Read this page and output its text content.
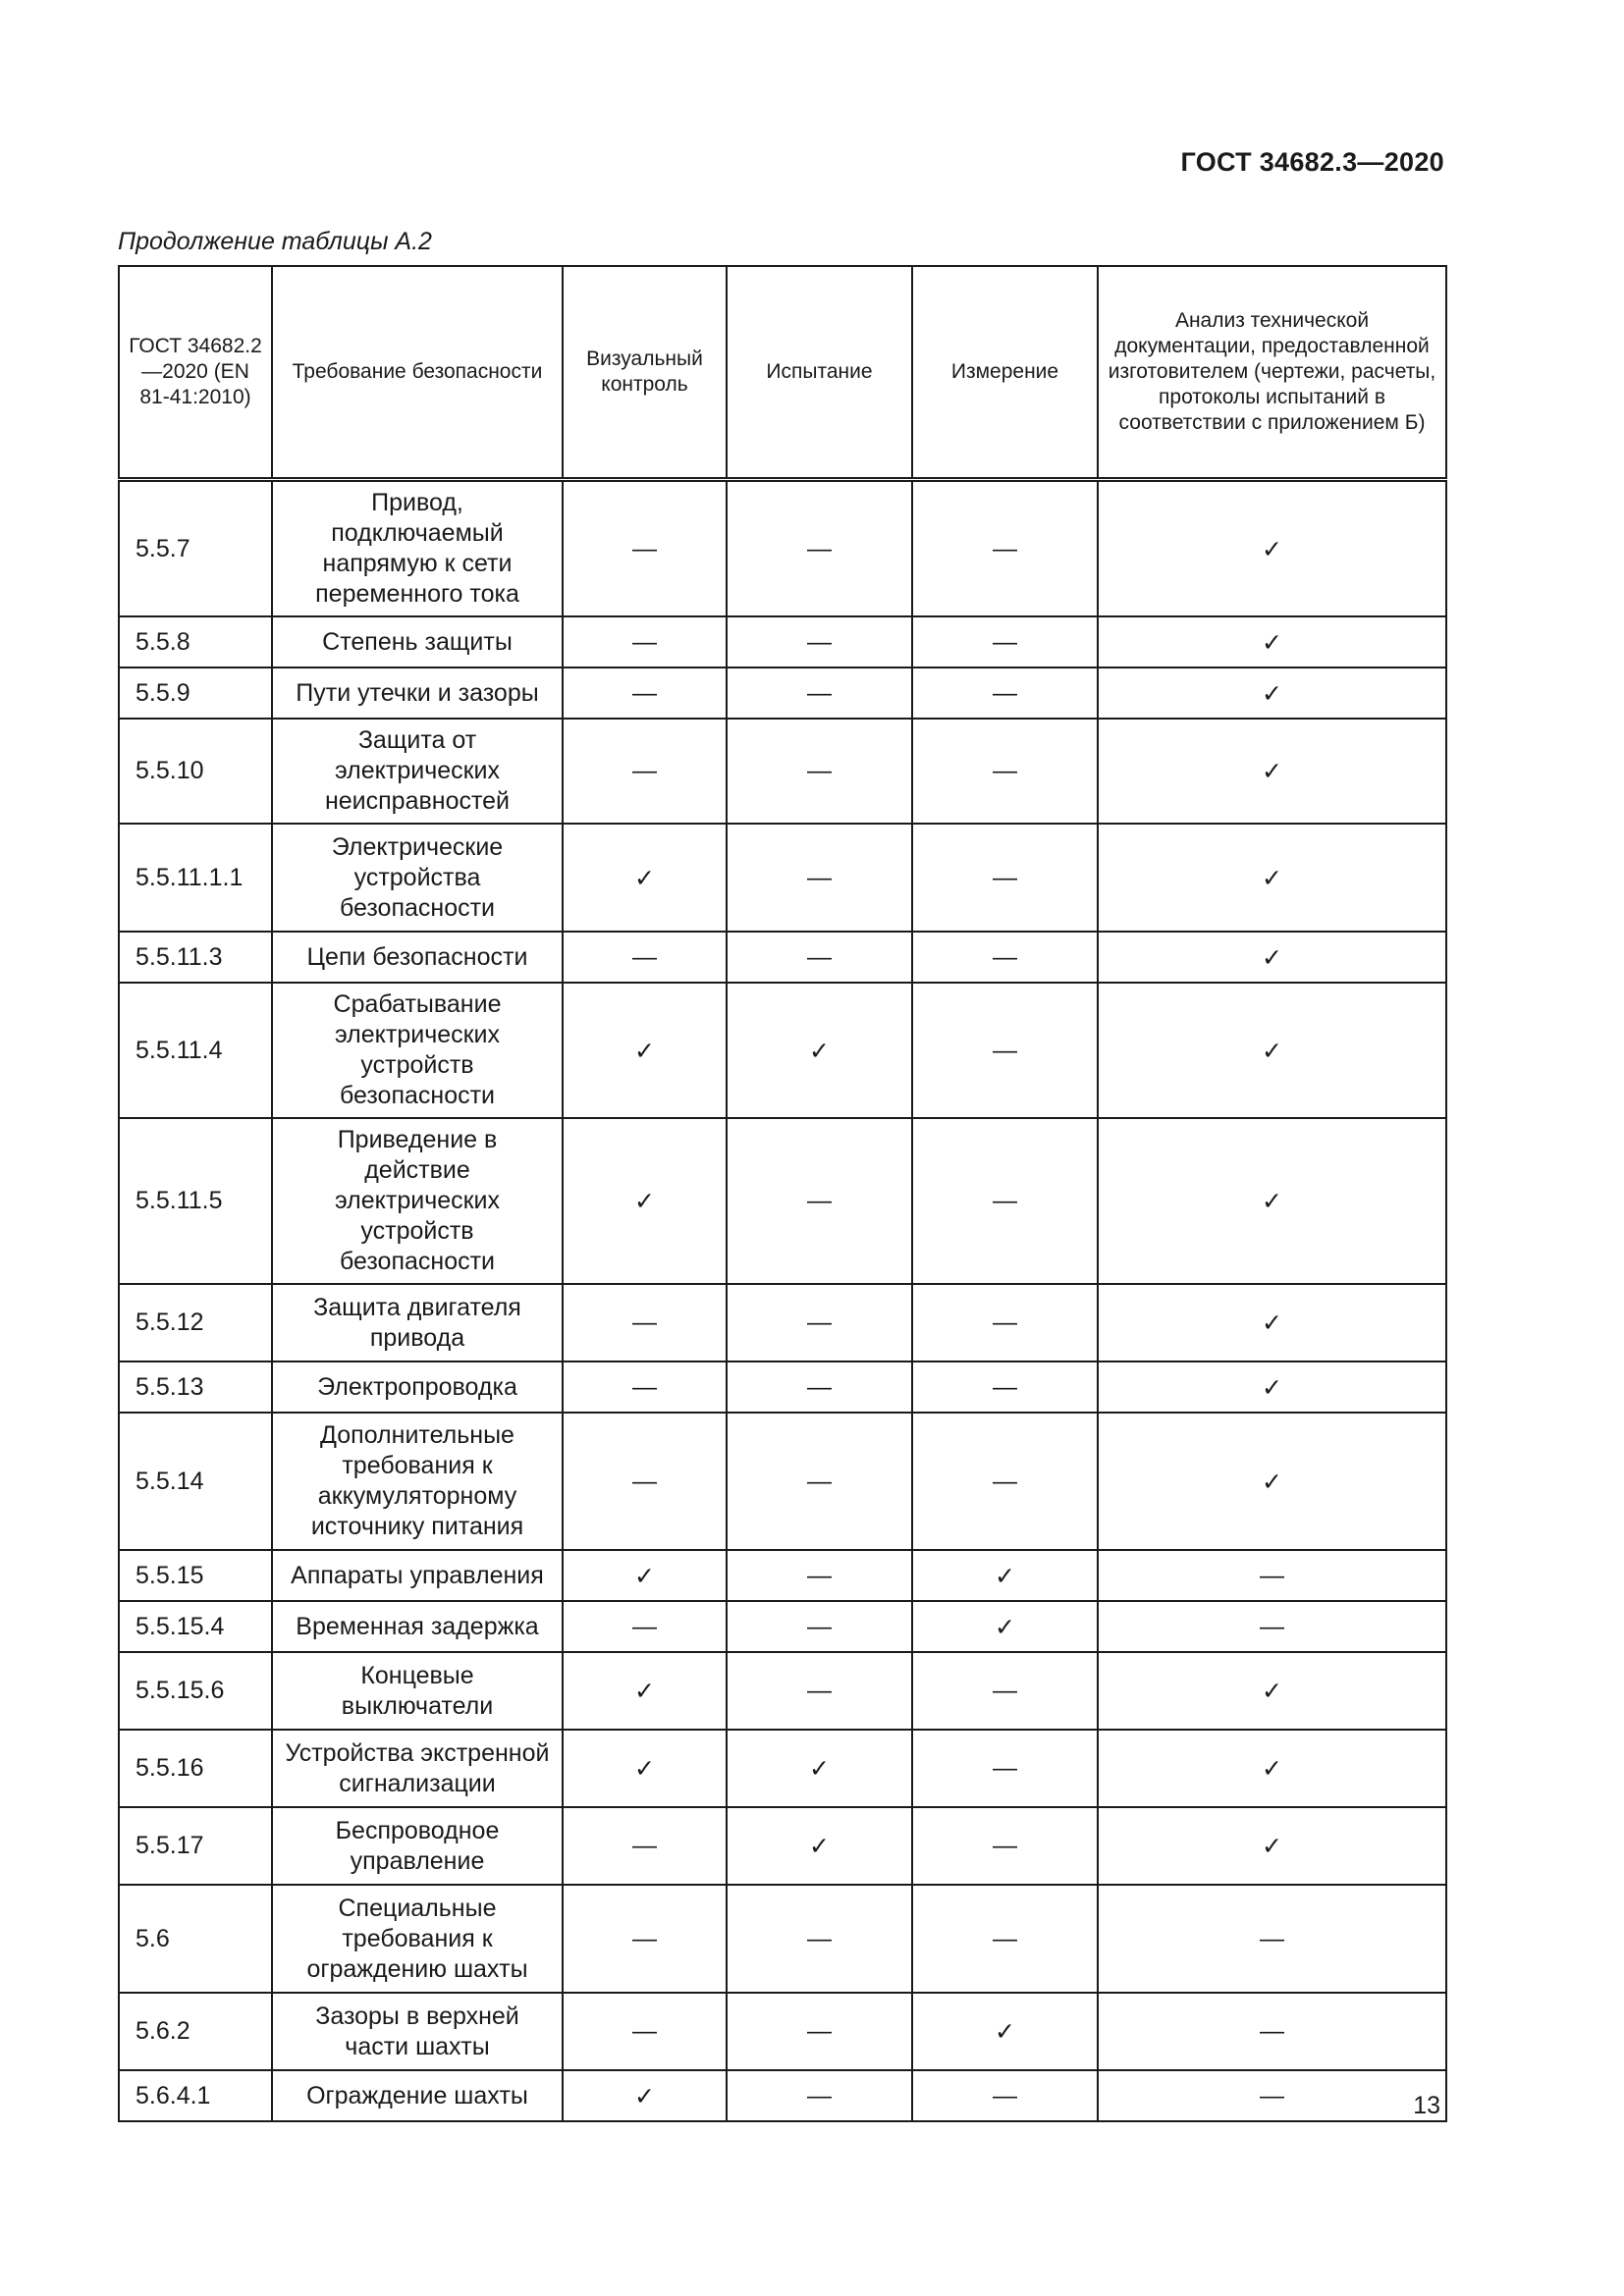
ГОСТ 34682.3—2020
Продолжение таблицы А.2
ГОСТ 34682.2—2020 (EN 81-41:2010)	Требование безопасности	Визуальный контроль	Испытание	Измерение	Анализ технической документации, предоставленной изготовителем (чертежи, расчеты, протоколы испытаний в соответствии с приложением Б)
5.5.7	Привод, подключаемый напрямую к сети переменного тока	—	—	—	✓
5.5.8	Степень защиты	—	—	—	✓
5.5.9	Пути утечки и зазоры	—	—	—	✓
5.5.10	Защита от электрических неисправностей	—	—	—	✓
5.5.11.1.1	Электрические устройства безопасности	✓	—	—	✓
5.5.11.3	Цепи безопасности	—	—	—	✓
5.5.11.4	Срабатывание электрических устройств безопасности	✓	✓	—	✓
5.5.11.5	Приведение в действие электрических устройств безопасности	✓	—	—	✓
5.5.12	Защита двигателя привода	—	—	—	✓
5.5.13	Электропроводка	—	—	—	✓
5.5.14	Дополнительные требования к аккумуляторному источнику питания	—	—	—	✓
5.5.15	Аппараты управления	✓	—	✓	—
5.5.15.4	Временная задержка	—	—	✓	—
5.5.15.6	Концевые выключатели	✓	—	—	✓
5.5.16	Устройства экстренной сигнализации	✓	✓	—	✓
5.5.17	Беспроводное управление	—	✓	—	✓
5.6	Специальные требования к ограждению шахты	—	—	—	—
5.6.2	Зазоры в верхней части шахты	—	—	✓	—
5.6.4.1	Ограждение шахты	✓	—	—	—	13
